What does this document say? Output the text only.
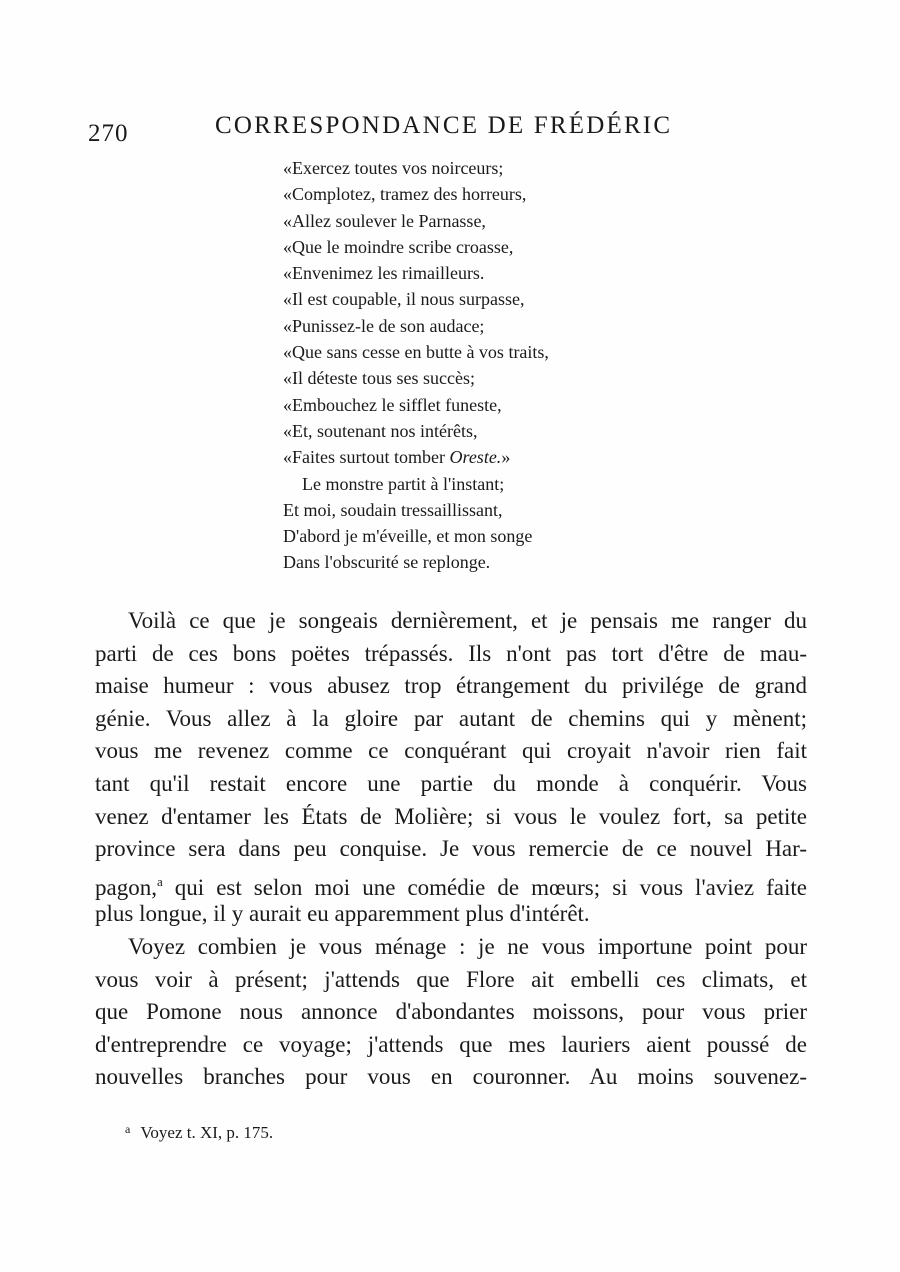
270	CORRESPONDANCE DE FRÉDÉRIC
«Exercez toutes vos noirceurs;
«Complotez, tramez des horreurs,
«Allez soulever le Parnasse,
«Que le moindre scribe croasse,
«Envenimez les rimailleurs.
«Il est coupable, il nous surpasse,
«Punissez-le de son audace;
«Que sans cesse en butte à vos traits,
«Il déteste tous ses succès;
«Embouchez le sifflet funeste,
«Et, soutenant nos intérêts,
«Faites surtout tomber Oreste.»
Le monstre partit à l'instant;
Et moi, soudain tressaillissant,
D'abord je m'éveille, et mon songe
Dans l'obscurité se replonge.
Voilà ce que je songeais dernièrement, et je pensais me ranger du
parti de ces bons poëtes trépassés. Ils n'ont pas tort d'être de mau-
maise humeur : vous abusez trop étrangement du privilége de grand
génie. Vous allez à la gloire par autant de chemins qui y mènent;
vous me revenez comme ce conquérant qui croyait n'avoir rien fait
tant qu'il restait encore une partie du monde à conquérir. Vous
venez d'entamer les États de Molière; si vous le voulez fort, sa petite
province sera dans peu conquise. Je vous remercie de ce nouvel Har-
pagon,$^a$ qui est selon moi une comédie de mœurs; si vous l'aviez faite
plus longue, il y aurait eu apparemment plus d'intérêt.
Voyez combien je vous ménage : je ne vous importune point pour
vous voir à présent; j'attends que Flore ait embelli ces climats, et
que Pomone nous annonce d'abondantes moissons, pour vous prier
d'entreprendre ce voyage; j'attends que mes lauriers aient poussé de
nouvelles branches pour vous en couronner. Au moins souvenez-
$^a$ Voyez t. XI, p. 175.
